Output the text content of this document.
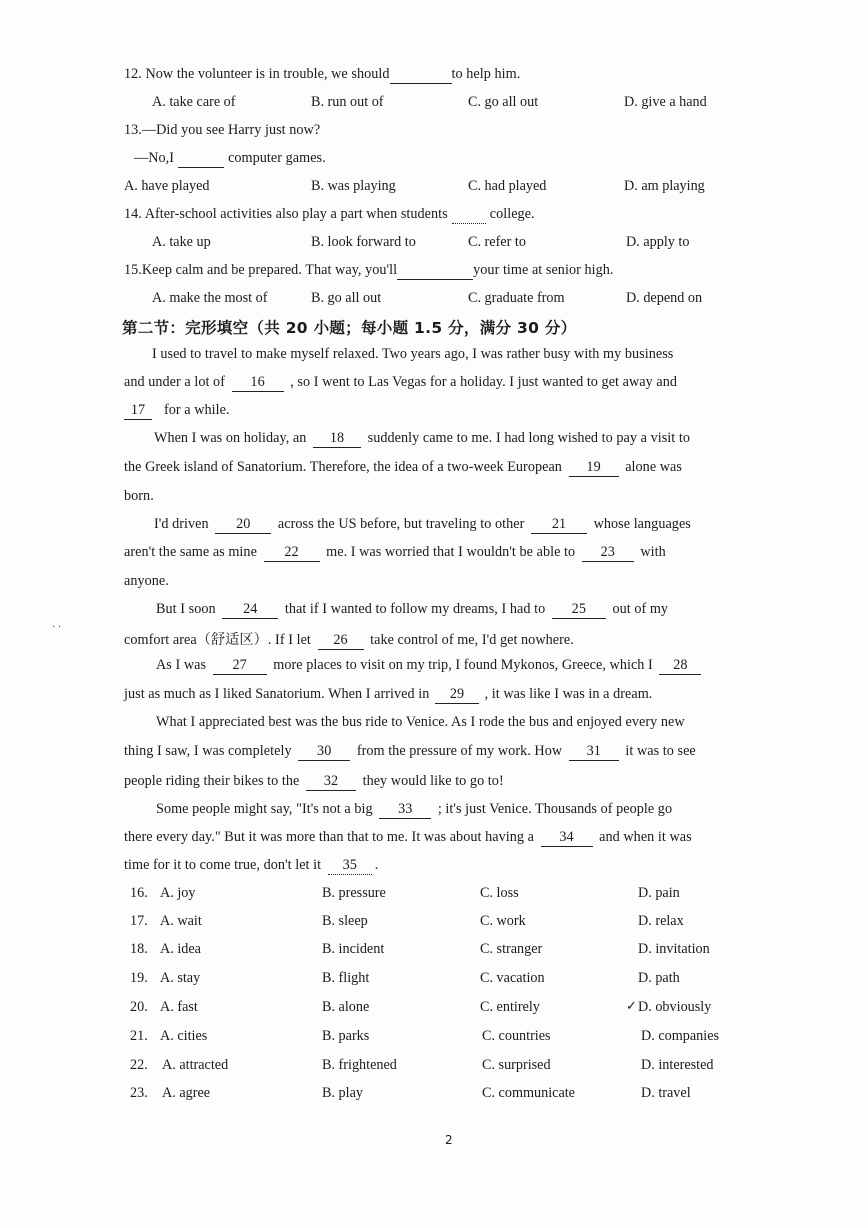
12. Now the volunteer is in trouble, we should	to help him.
A. take care of	B. run out of	C. go all out	D. give a hand
13.—Did you see Harry just now?
—No,I	computer games.
A. have played	B. was playing	C. had played	D. am playing
14. After-school activities also play a part when students	college.
A. take up	B. look forward to	C. refer to	D. apply to
15.Keep calm and be prepared. That way, you'll	your time at senior high.
A. make the most of	B. go all out	C. graduate from	D. depend on
第二节：完形填空（共 20 小题；每小题 1.5 分，满分 30 分）
I used to travel to make myself relaxed. Two years ago, I was rather busy with my business
and under a lot of 16 , so I went to Las Vegas for a holiday. I just wanted to get away and
17 for a while.
When I was on holiday, an 18 suddenly came to me. I had long wished to pay a visit to
the Greek island of Sanatorium. Therefore, the idea of a two-week European 19 alone was
born.
I'd driven 20 across the US before, but traveling to other 21 whose languages
aren't the same as mine 22 me. I was worried that I wouldn't be able to 23 with
anyone.
But I soon 24 that if I wanted to follow my dreams, I had to 25 out of my
comfort area（舒适区）. If I let 26 take control of me, I'd get nowhere.
As I was 27 more places to visit on my trip, I found Mykonos, Greece, which I 28
just as much as I liked Sanatorium. When I arrived in 29 , it was like I was in a dream.
What I appreciated best was the bus ride to Venice. As I rode the bus and enjoyed every new
thing I saw, I was completely 30 from the pressure of my work. How 31 it was to see
people riding their bikes to the 32 they would like to go to!
Some people might say, "It's not a big 33 ; it's just Venice. Thousands of people go
there every day." But it was more than that to me. It was about having a 34 and when it was
time for it to come true, don't let it 35 .
16. A. joy	B. pressure	C. loss	D. pain
17. A. wait	B. sleep	C. work	D. relax
18. A. idea	B. incident	C. stranger	D. invitation
19. A. stay	B. flight	C. vacation	D. path
20. A. fast	B. alone	C. entirely	D. obviously
✓
21. A. cities	B. parks	C. countries	D. companies
22. A. attracted	B. frightened	C. surprised	D. interested
23. A. agree	B. play	C. communicate	D. travel
· ·
2
